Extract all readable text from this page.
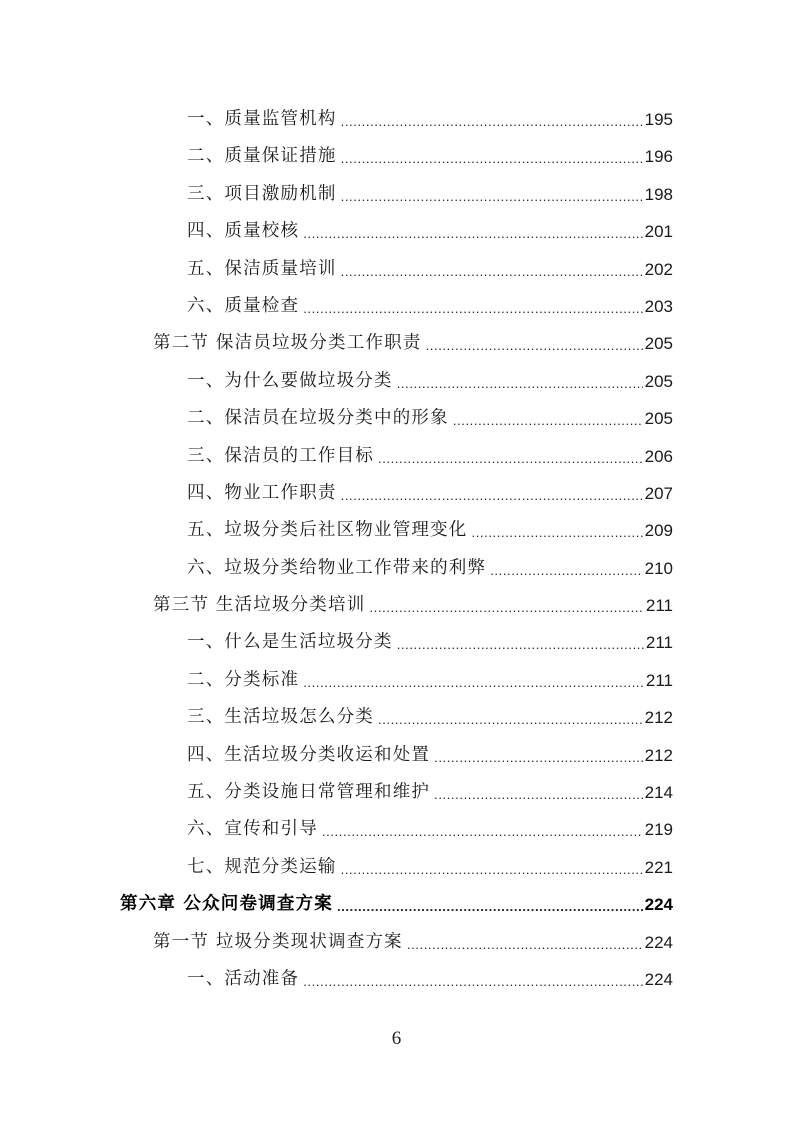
一、质量监管机构 .....	195
二、质量保证措施 .....	196
三、项目激励机制 .....	198
四、质量校核 .....	201
五、保洁质量培训 .....	202
六、质量检查 .....	203
第二节 保洁员垃圾分类工作职责 .....	205
一、为什么要做垃圾分类 .....	205
二、保洁员在垃圾分类中的形象 .....	205
三、保洁员的工作目标 .....	206
四、物业工作职责 .....	207
五、垃圾分类后社区物业管理变化 .....	209
六、垃圾分类给物业工作带来的利弊 .....	210
第三节 生活垃圾分类培训 .....	211
一、什么是生活垃圾分类 .....	211
二、分类标准 .....	211
三、生活垃圾怎么分类 .....	212
四、生活垃圾分类收运和处置 .....	212
五、分类设施日常管理和维护 .....	214
六、宣传和引导 .....	219
七、规范分类运输 .....	221
第六章 公众问卷调查方案 .....	224
第一节 垃圾分类现状调查方案 .....	224
一、活动准备 .....	224
6
